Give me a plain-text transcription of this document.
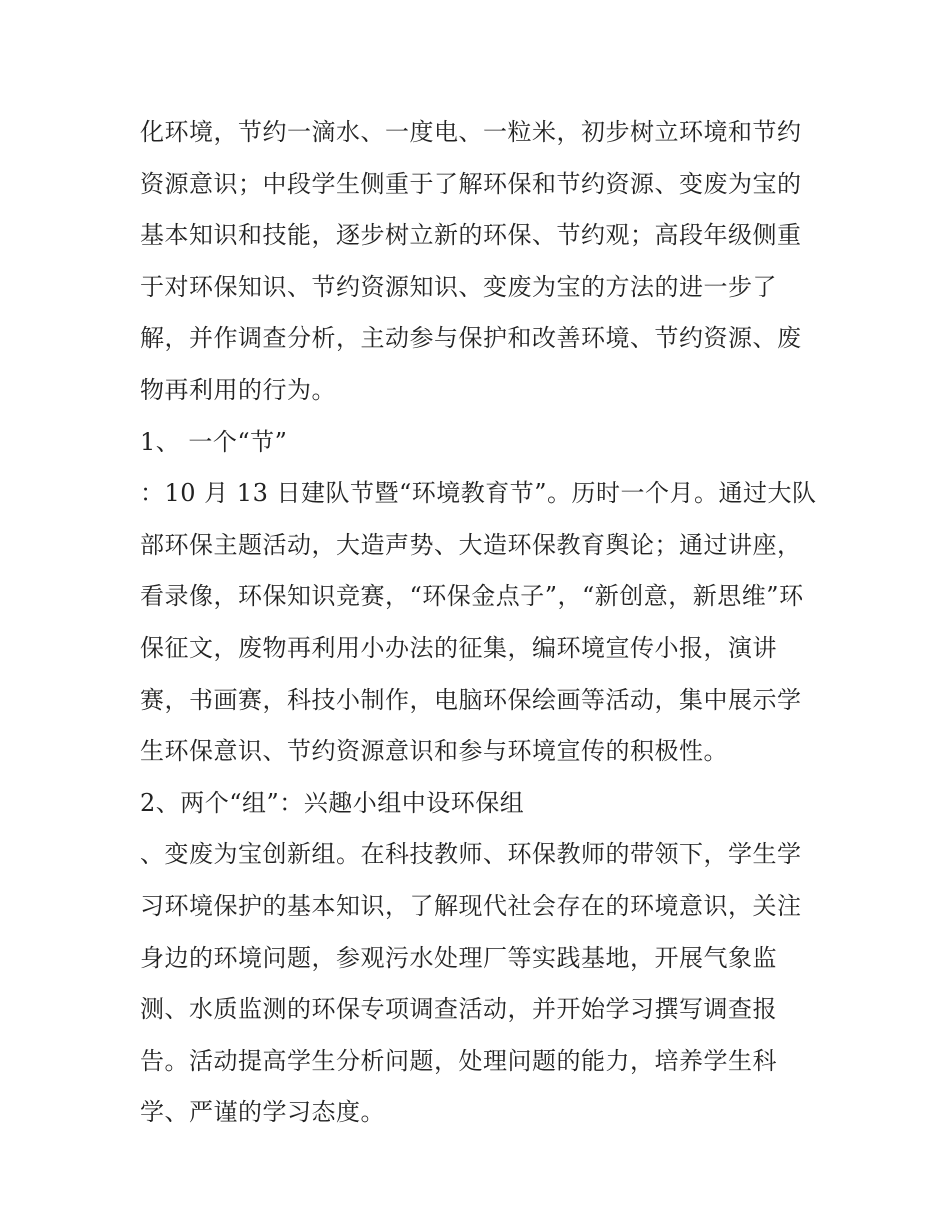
化环境，节约一滴水、一度电、一粒米，初步树立环境和节约
资源意识；中段学生侧重于了解环保和节约资源、变废为宝的
基本知识和技能，逐步树立新的环保、节约观；高段年级侧重
于对环保知识、节约资源知识、变废为宝的方法的进一步了
解，并作调查分析，主动参与保护和改善环境、节约资源、废
物再利用的行为。
1、 一个“节”
：10 月 13 日建队节暨“环境教育节”。历时一个月。通过大队
部环保主题活动，大造声势、大造环保教育舆论；通过讲座，
看录像，环保知识竞赛，“环保金点子”，“新创意，新思维”环
保征文，废物再利用小办法的征集，编环境宣传小报，演讲
赛，书画赛，科技小制作，电脑环保绘画等活动，集中展示学
生环保意识、节约资源意识和参与环境宣传的积极性。
2、两个“组”：兴趣小组中设环保组
、变废为宝创新组。在科技教师、环保教师的带领下，学生学
习环境保护的基本知识，了解现代社会存在的环境意识，关注
身边的环境问题，参观污水处理厂等实践基地，开展气象监
测、水质监测的环保专项调查活动，并开始学习撰写调查报
告。活动提高学生分析问题，处理问题的能力，培养学生科
学、严谨的学习态度。
